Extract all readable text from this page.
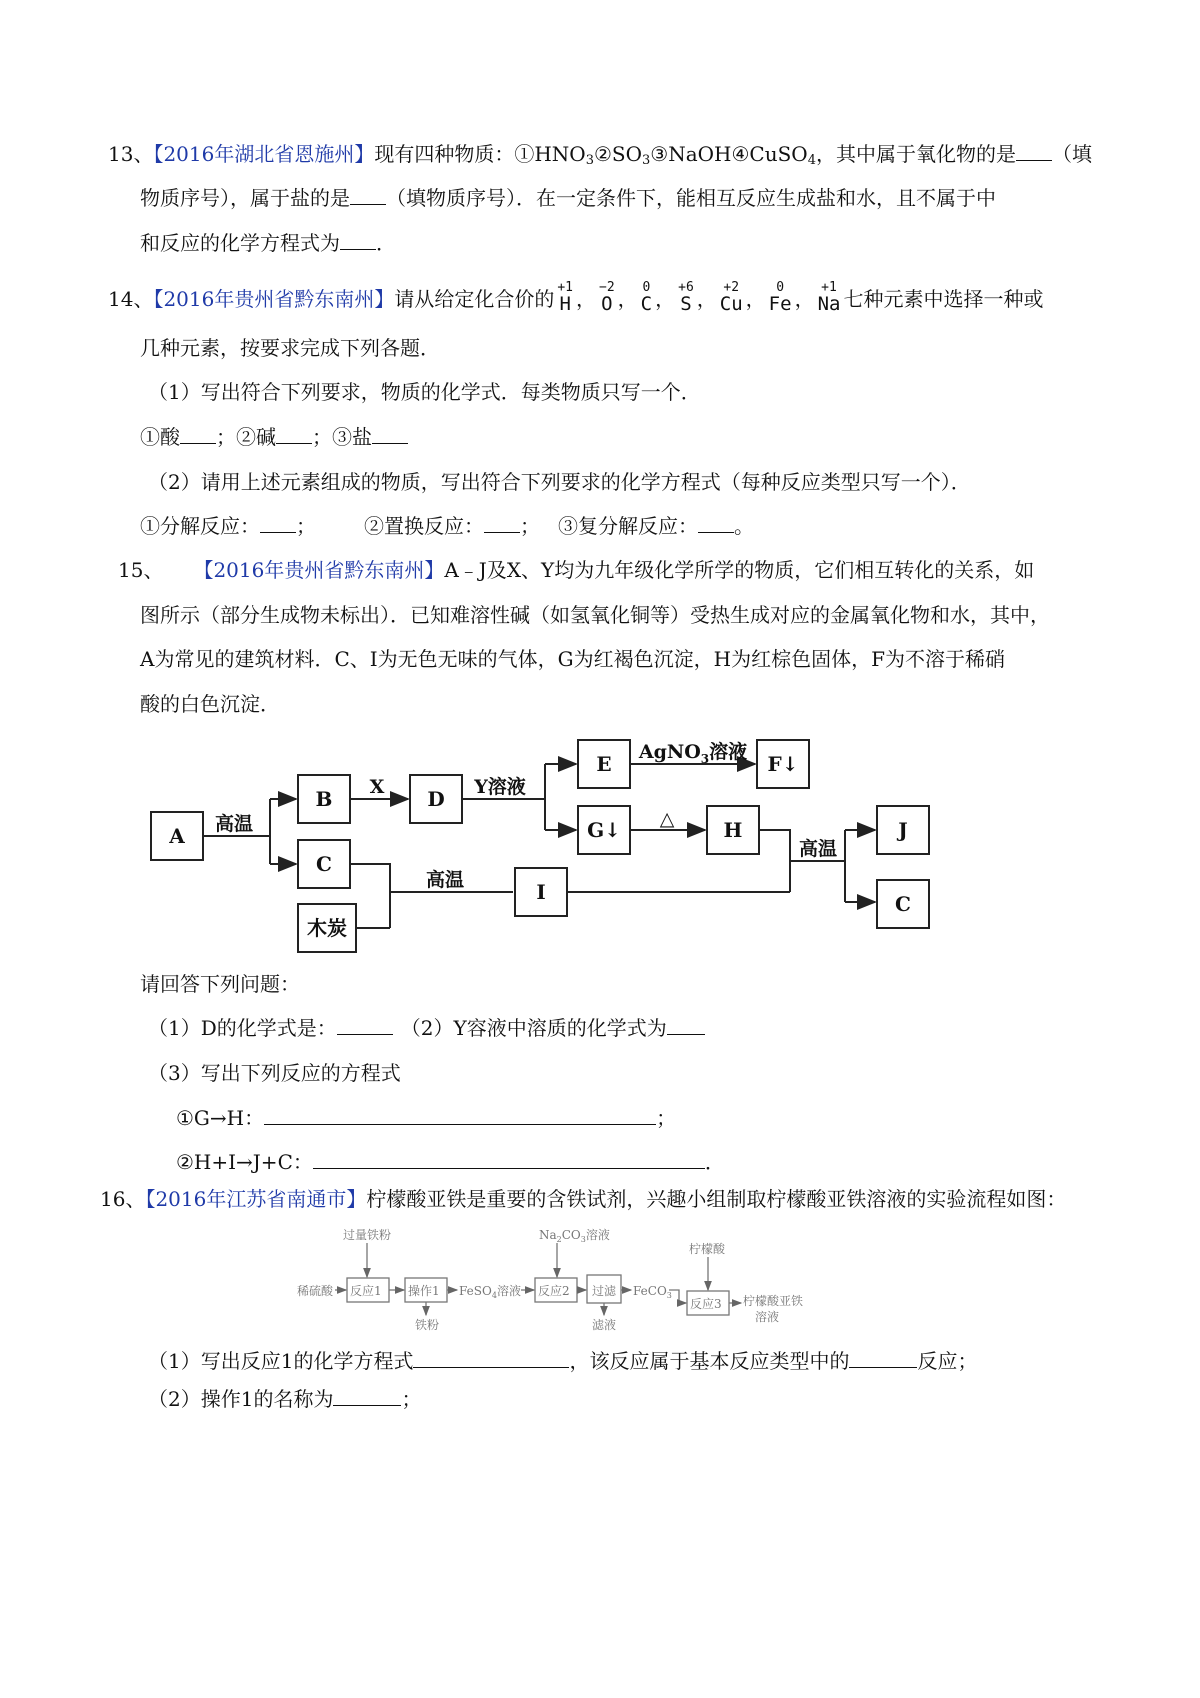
13、【2016年湖北省恩施州】现有四种物质：$①HNO_3②SO_3③NaOH④CuSO_4$，其中属于氧化物的是 （填
物质序号），属于盐的是 （填物质序号）．在一定条件下，能相互反应生成盐和水，且不属于中
和反应的化学方程式为 ．
14、【2016年贵州省黔东南州】请从给定化合价的 +1
H ， −2
O ， 0
C ， +6
S ， +2
Cu ， 0
Fe ， +1
Na 七种元素中选择一种或
几种元素，按要求完成下列各题．
（1）写出符合下列要求，物质的化学式．每类物质只写一个．
①酸 ；②碱 ；③盐
（2）请用上述元素组成的物质，写出符合下列要求的化学方程式（每种反应类型只写一个）．
①分解反应： ； ②置换反应： ； ③复分解反应： 。
15、 【2016年贵州省黔东南州】A﹣J及X、Y均为九年级化学所学的物质，它们相互转化的关系，如
图所示（部分生成物未标出）．已知难溶性碱（如氢氧化铜等）受热生成对应的金属氧化物和水，其中，
A为常见的建筑材料．C、I为无色无味的气体，G为红褐色沉淀，H为红棕色固体，F为不溶于稀硝
酸的白色沉淀．
A
B
C
木炭
D
E	F↓
G↓	H
I
J
C
高温
X	Y溶液
AgNO$_3$溶液
△
高温
高温
请回答下列问题：
（1）D的化学式是：	（2）Y容液中溶质的化学式为
（3）写出下列反应的方程式
①G→H：	；
②H+I→J+C：	．
16、【2016年江苏省南通市】柠檬酸亚铁是重要的含铁试剂，兴趣小组制取柠檬酸亚铁溶液的实验流程如图：
稀硫酸
过量铁粉
反应1 操作1
铁粉
FeSO$_4$溶液
$Na_2CO_3$溶液
反应2 过滤
滤液
FeCO$_3$
柠檬酸
反应3 柠檬酸亚铁
溶液
（1）写出反应1的化学方程式	，该反应属于基本反应类型中的	反应；
（2）操作1的名称为	；
